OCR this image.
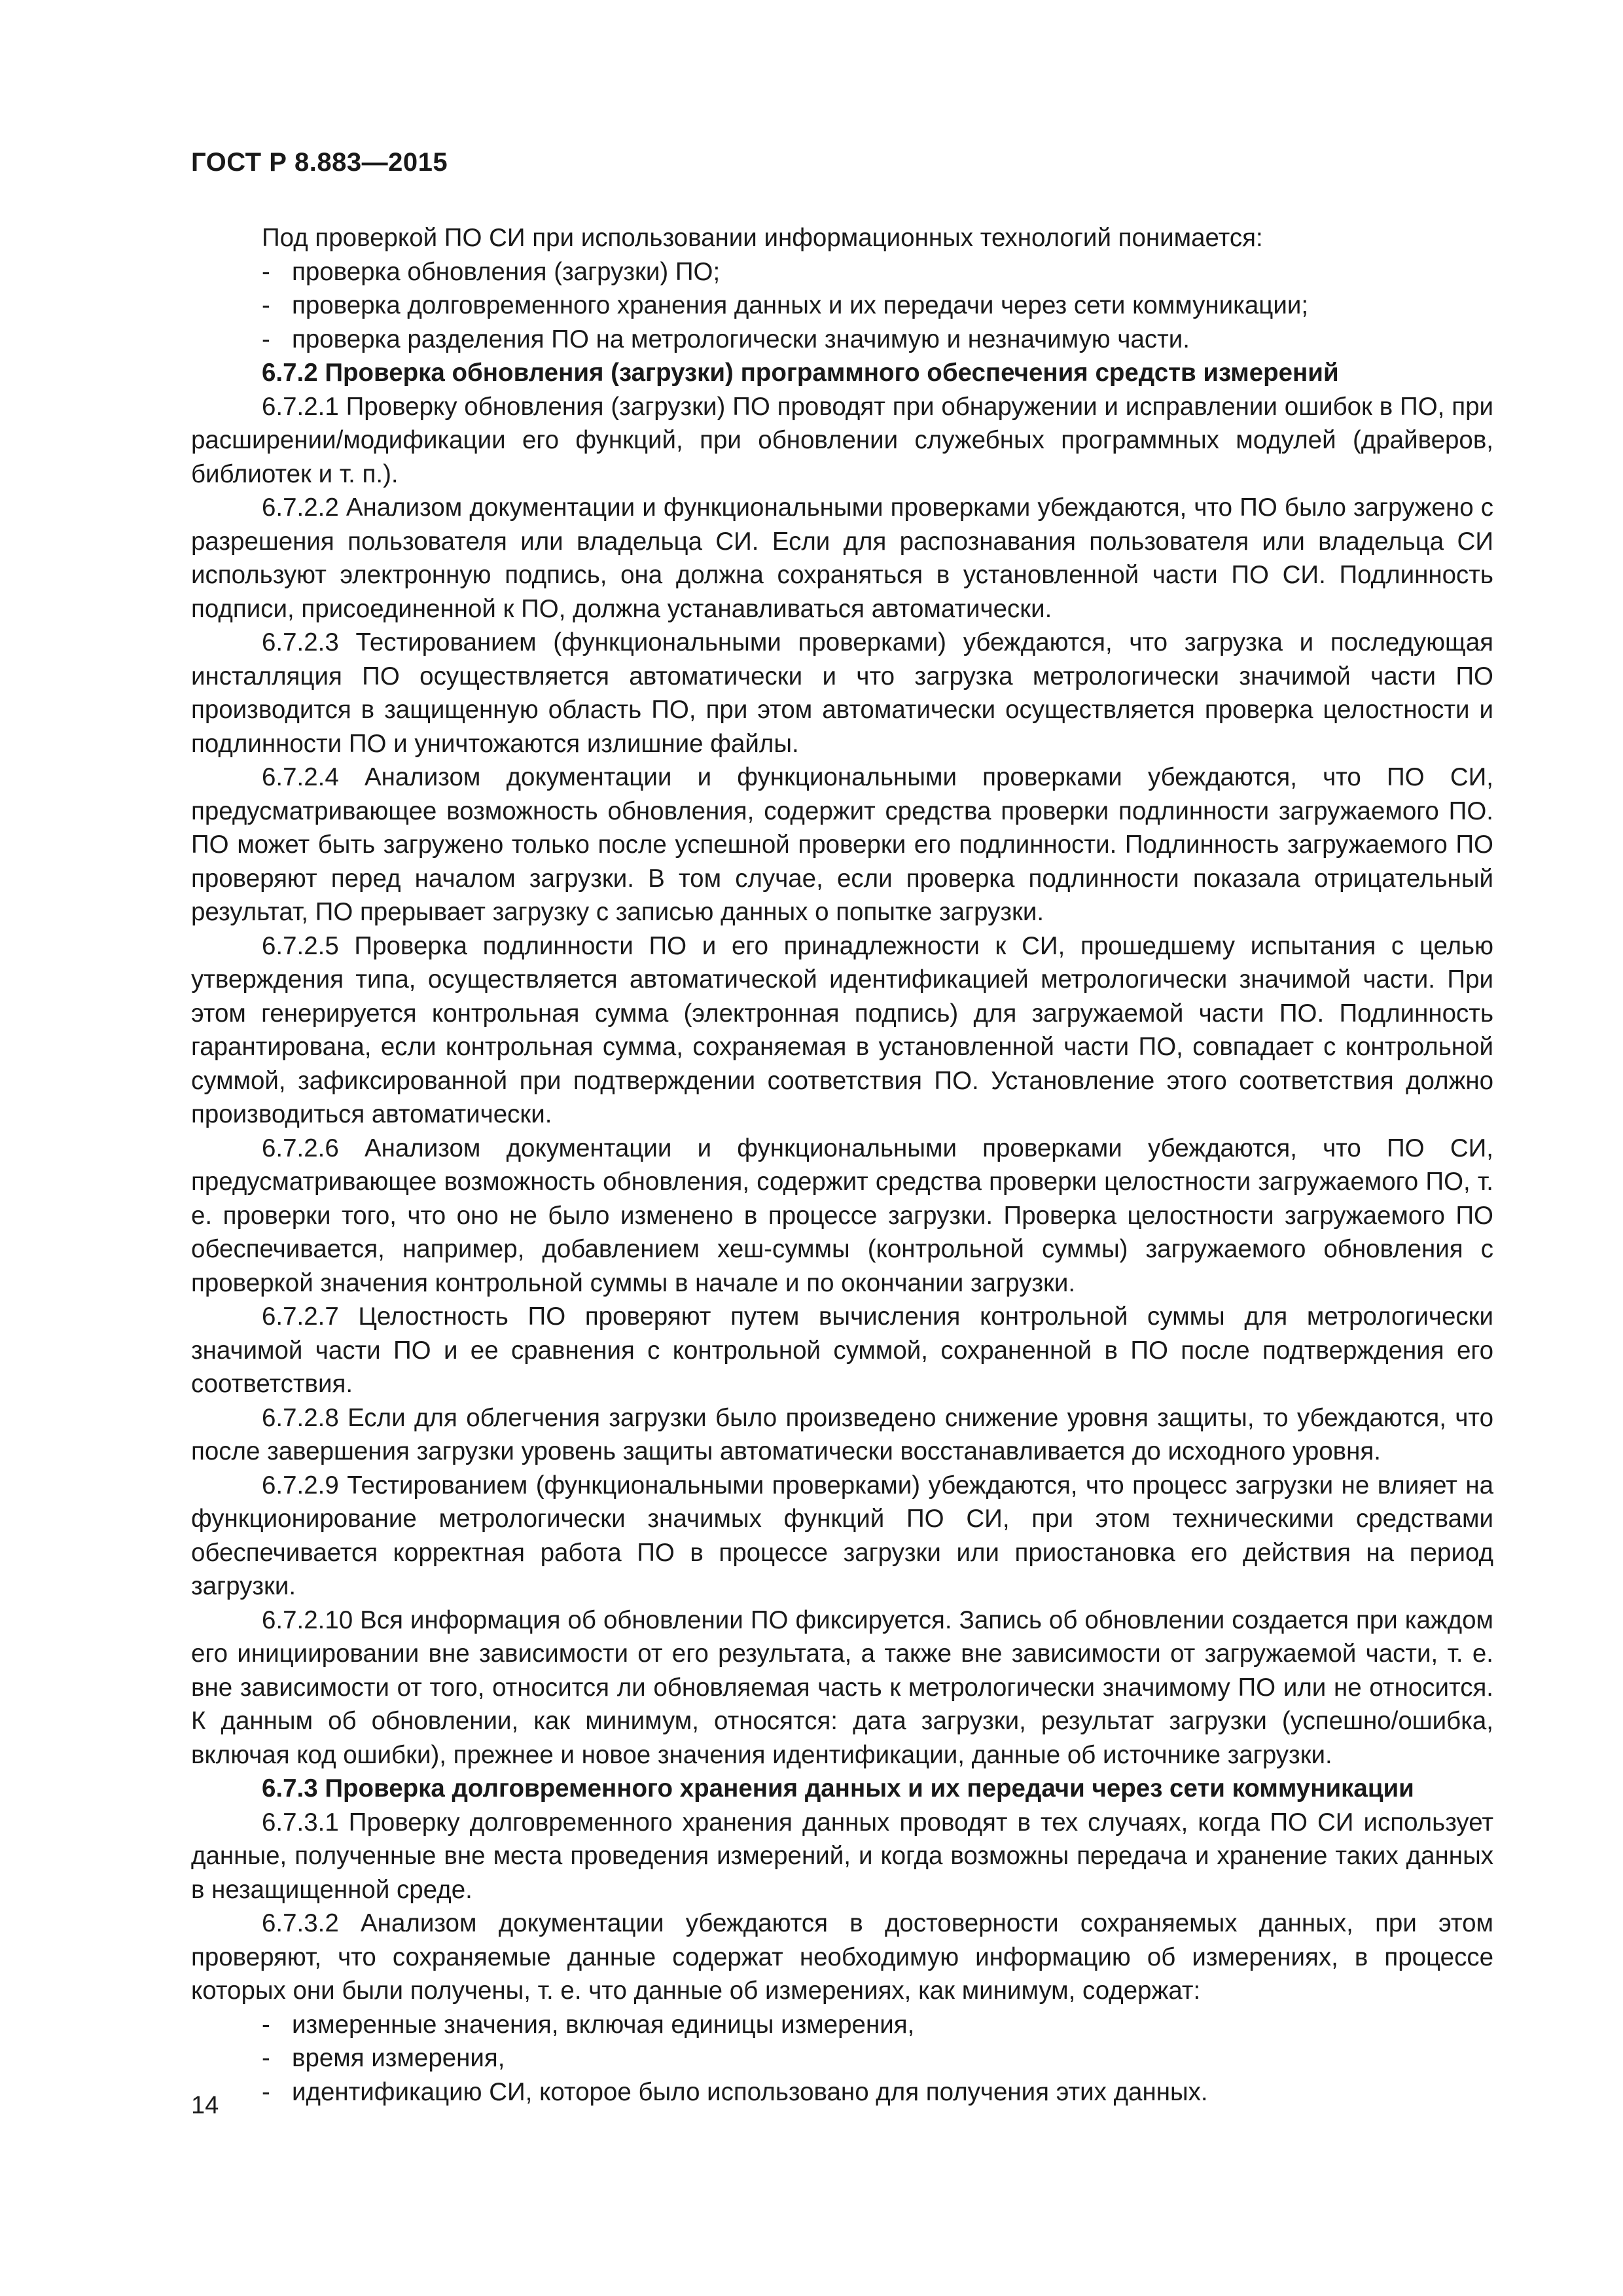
ГОСТ Р 8.883—2015

Под проверкой ПО СИ при использовании информационных технологий понимается:

- проверка обновления (загрузки) ПО;

- проверка долговременного хранения данных и их передачи через сети коммуникации;

- проверка разделения ПО на метрологически значимую и незначимую части.

6.7.2 Проверка обновления (загрузки) программного обеспечения средств измерений

6.7.2.1 Проверку обновления (загрузки) ПО проводят при обнаружении и исправлении ошибок в ПО, при расширении/модификации его функций, при обновлении служебных программных модулей (драйверов, библиотек и т. п.).

6.7.2.2 Анализом документации и функциональными проверками убеждаются, что ПО было загружено с разрешения пользователя или владельца СИ. Если для распознавания пользователя или владельца СИ используют электронную подпись, она должна сохраняться в установленной части ПО СИ. Подлинность подписи, присоединенной к ПО, должна устанавливаться автоматически.

6.7.2.3 Тестированием (функциональными проверками) убеждаются, что загрузка и последующая инсталляция ПО осуществляется автоматически и что загрузка метрологически значимой части ПО производится в защищенную область ПО, при этом автоматически осуществляется проверка целостности и подлинности ПО и уничтожаются излишние файлы.

6.7.2.4 Анализом документации и функциональными проверками убеждаются, что ПО СИ, предусматривающее возможность обновления, содержит средства проверки подлинности загружаемого ПО. ПО может быть загружено только после успешной проверки его подлинности. Подлинность загружаемого ПО проверяют перед началом загрузки. В том случае, если проверка подлинности показала отрицательный результат, ПО прерывает загрузку с записью данных о попытке загрузки.

6.7.2.5 Проверка подлинности ПО и его принадлежности к СИ, прошедшему испытания с целью утверждения типа, осуществляется автоматической идентификацией метрологически значимой части. При этом генерируется контрольная сумма (электронная подпись) для загружаемой части ПО. Подлинность гарантирована, если контрольная сумма, сохраняемая в установленной части ПО, совпадает с контрольной суммой, зафиксированной при подтверждении соответствия ПО. Установление этого соответствия должно производиться автоматически.

6.7.2.6 Анализом документации и функциональными проверками убеждаются, что ПО СИ, предусматривающее возможность обновления, содержит средства проверки целостности загружаемого ПО, т. е. проверки того, что оно не было изменено в процессе загрузки. Проверка целостности загружаемого ПО обеспечивается, например, добавлением хеш-суммы (контрольной суммы) загружаемого обновления с проверкой значения контрольной суммы в начале и по окончании загрузки.

6.7.2.7 Целостность ПО проверяют путем вычисления контрольной суммы для метрологически значимой части ПО и ее сравнения с контрольной суммой, сохраненной в ПО после подтверждения его соответствия.

6.7.2.8 Если для облегчения загрузки было произведено снижение уровня защиты, то убеждаются, что после завершения загрузки уровень защиты автоматически восстанавливается до исходного уровня.

6.7.2.9 Тестированием (функциональными проверками) убеждаются, что процесс загрузки не влияет на функционирование метрологически значимых функций ПО СИ, при этом техническими средствами обеспечивается корректная работа ПО в процессе загрузки или приостановка его действия на период загрузки.

6.7.2.10 Вся информация об обновлении ПО фиксируется. Запись об обновлении создается при каждом его инициировании вне зависимости от его результата, а также вне зависимости от загружаемой части, т. е. вне зависимости от того, относится ли обновляемая часть к метрологически значимому ПО или не относится. К данным об обновлении, как минимум, относятся: дата загрузки, результат загрузки (успешно/ошибка, включая код ошибки), прежнее и новое значения идентификации, данные об источнике загрузки.

6.7.3 Проверка долговременного хранения данных и их передачи через сети коммуникации

6.7.3.1 Проверку долговременного хранения данных проводят в тех случаях, когда ПО СИ использует данные, полученные вне места проведения измерений, и когда возможны передача и хранение таких данных в незащищенной среде.

6.7.3.2 Анализом документации убеждаются в достоверности сохраняемых данных, при этом проверяют, что сохраняемые данные содержат необходимую информацию об измерениях, в процессе которых они были получены, т. е. что данные об измерениях, как минимум, содержат:

- измеренные значения, включая единицы измерения,

- время измерения,

- идентификацию СИ, которое было использовано для получения этих данных.

14
